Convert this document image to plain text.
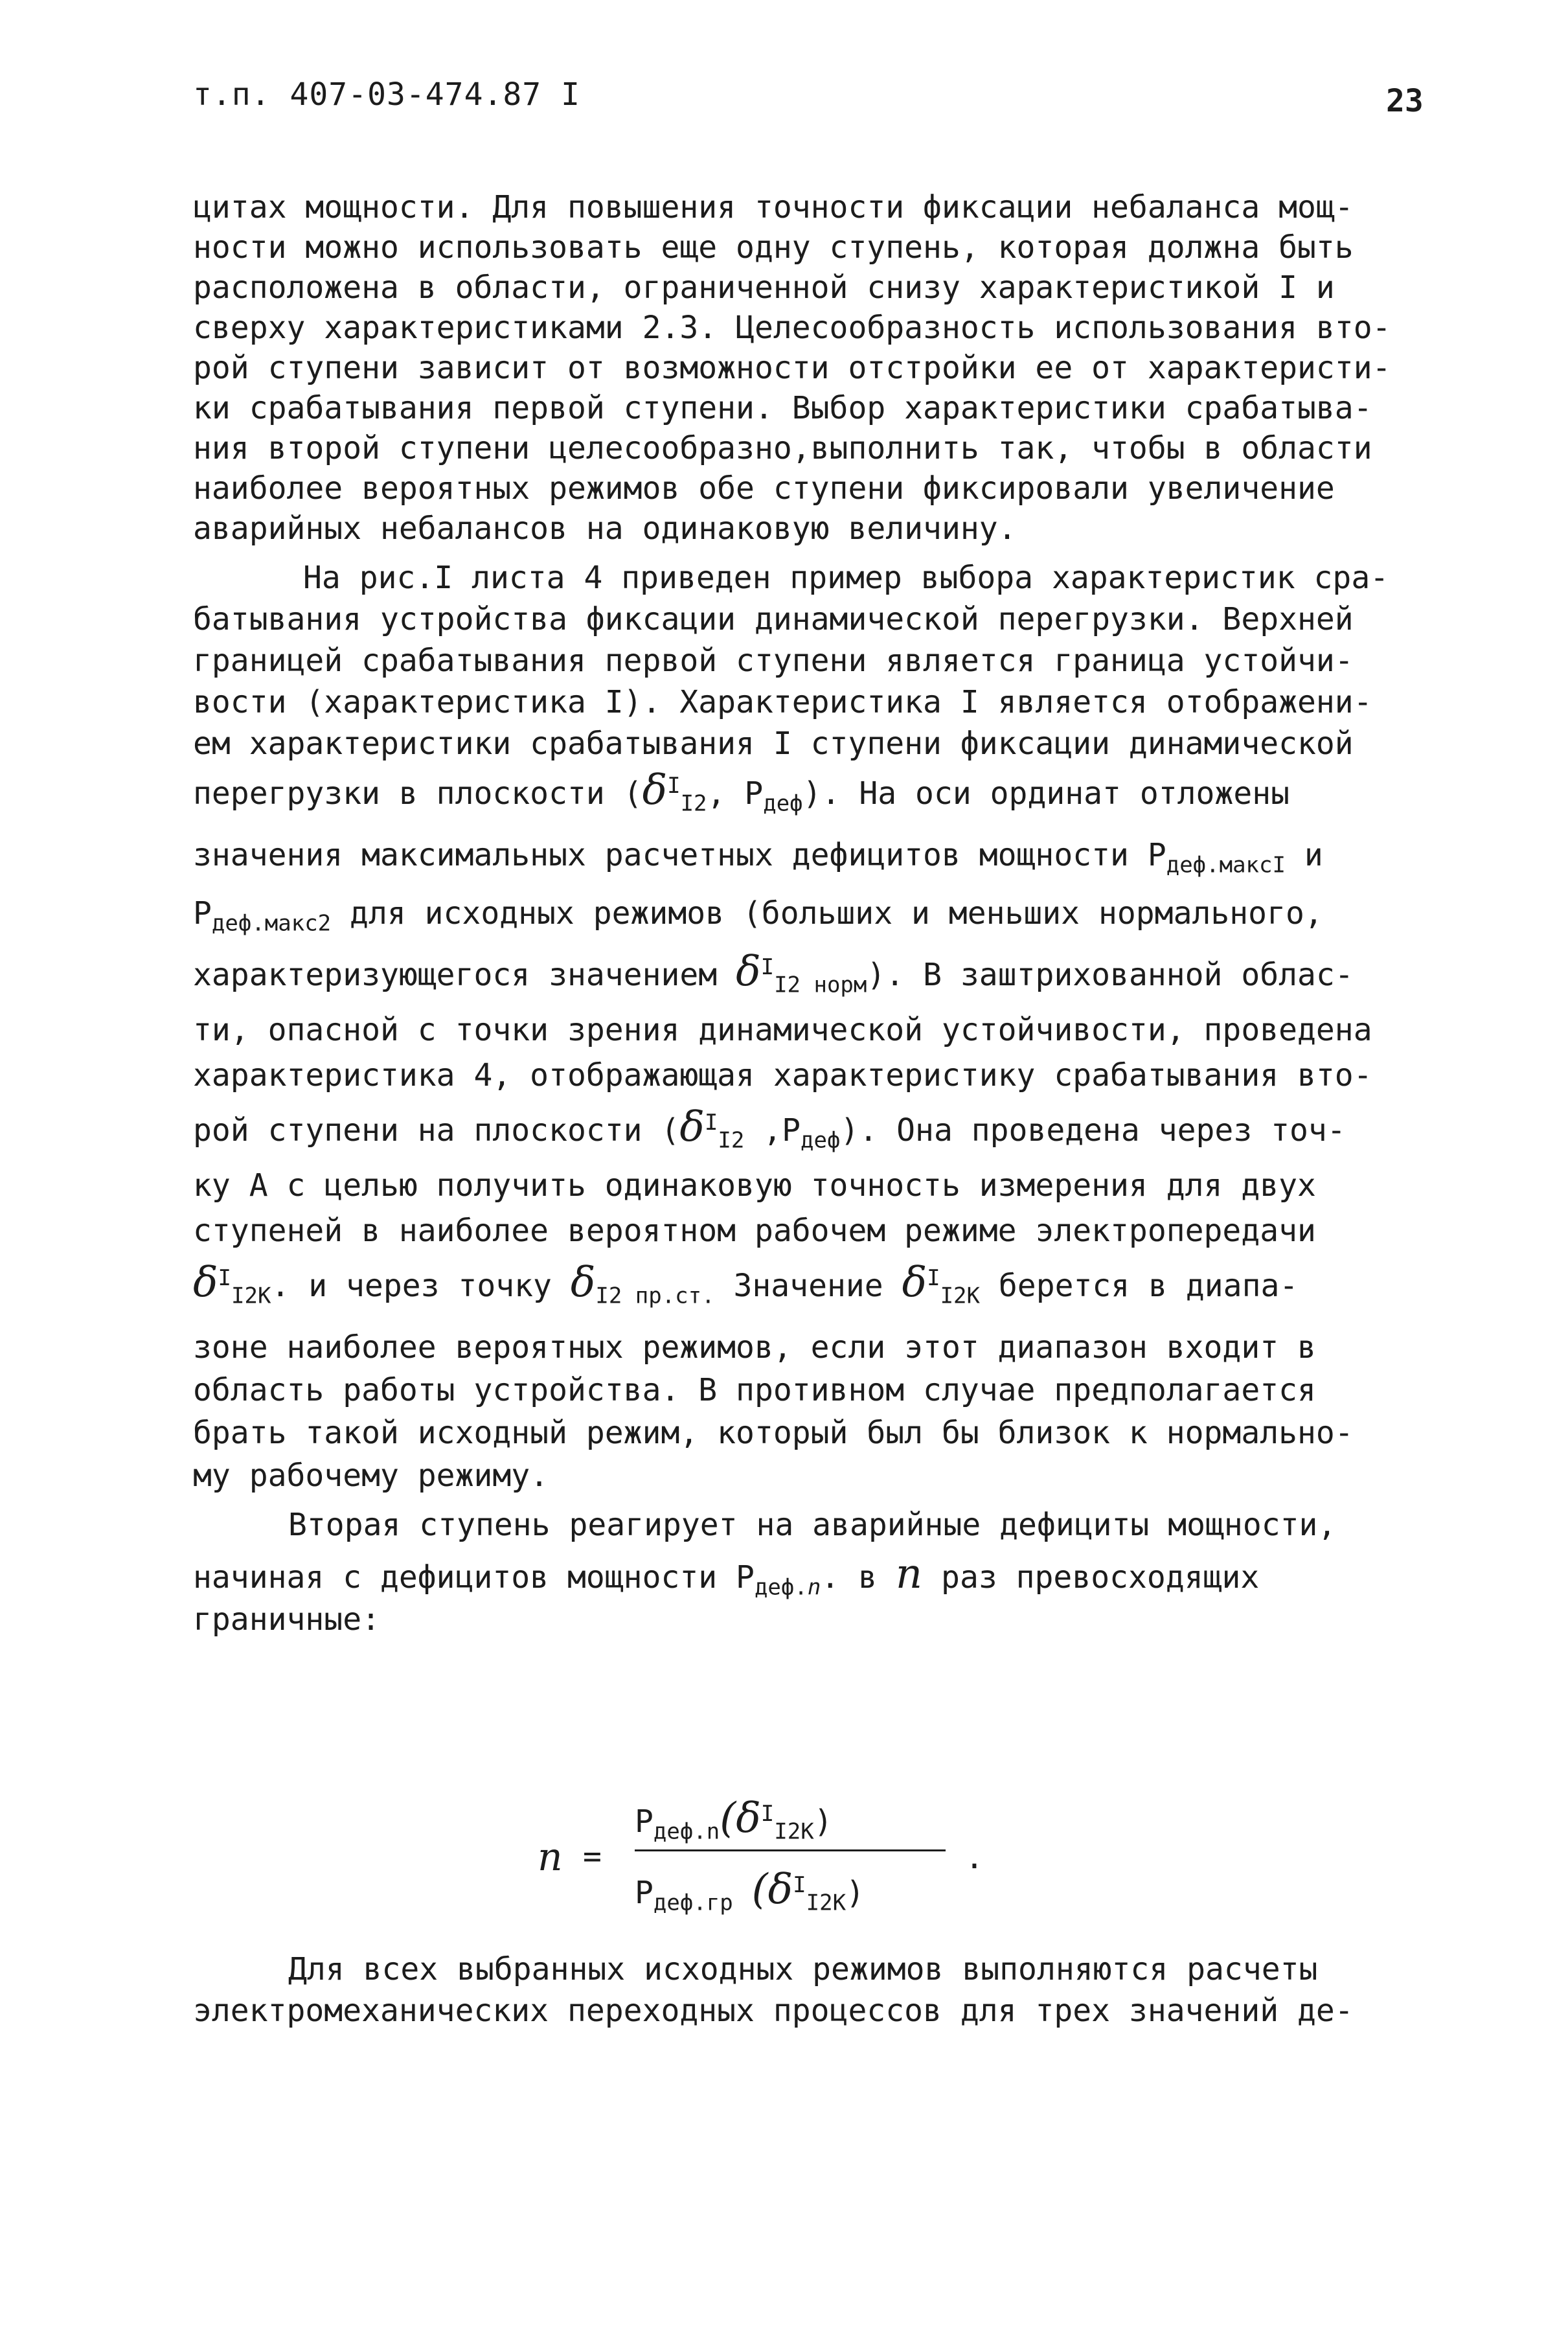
т.п. 407-03-474.87 I	23
цитах мощности. Для повышения точности фиксации небаланса мощ-
ности можно использовать еще одну ступень, которая должна быть
расположена в области, ограниченной снизу характеристикой I и
сверху характеристиками 2.3. Целесообразность использования вто-
рой ступени зависит от возможности отстройки ее от характеристи-
ки срабатывания первой ступени. Выбор характеристики срабатыва-
ния второй ступени целесообразно,выполнить так, чтобы в области
наиболее вероятных режимов обе ступени фиксировали увеличение
аварийных небалансов на одинаковую величину.
На рис.I листа 4 приведен пример выбора характеристик сра-
батывания устройства фиксации динамической перегрузки. Верхней
границей срабатывания первой ступени является граница устойчи-
вости (характеристика I). Характеристика I является отображени-
ем характеристики срабатывания I ступени фиксации динамической
перегрузки в плоскости ($\delta^I_{I2}$, $P_{деф}$). На оси ординат отложены
значения максимальных расчетных дефицитов мощности $P_{деф.максI}$ и
$P_{деф.макс2}$ для исходных режимов (больших и меньших нормального,
характеризующегося значением $\delta^I_{I2 норм}$). В заштрихованной облас-
ти, опасной с точки зрения динамической устойчивости, проведена
характеристика 4, отображающая характеристику срабатывания вто-
рой ступени на плоскости ($\delta^I_{I2}$ $,P_{деф}$). Она проведена через точ-
ку А с целью получить одинаковую точность измерения для двух
ступеней в наиболее вероятном рабочем режиме электропередачи
$\delta^I_{I2К}$. и через точку $\delta_{I2 пр.ст.}$ Значение $\delta^I_{I2К}$ берется в диапа-
зоне наиболее вероятных режимов, если этот диапазон входит в
область работы устройства. В противном случае предполагается
брать такой исходный режим, который был бы близок к нормально-
му рабочему режиму.
Вторая ступень реагирует на аварийные дефициты мощности,
начиная с дефицитов мощности $P_{деф.n}$. в n раз превосходящих
граничные:
n =
$P_{деф.n}(\delta^I_{I2К})$
$P_{деф.гр}$ $(\delta^I_{I2К})$
.
Для всех выбранных исходных режимов выполняются расчеты
электромеханических переходных процессов для трех значений де-
